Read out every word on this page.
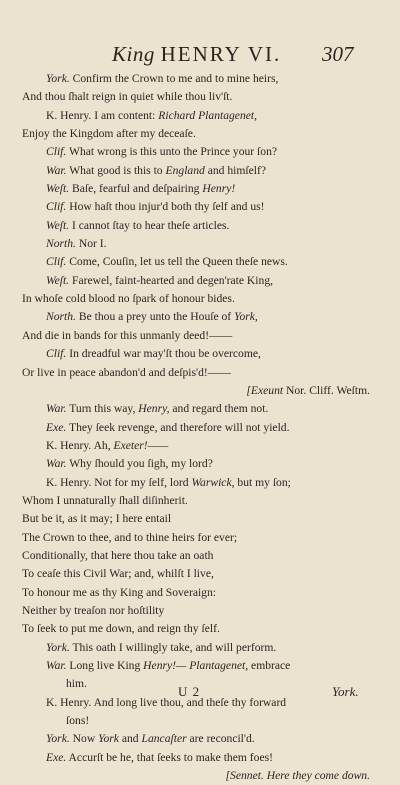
King HENRY VI. 307
York. Confirm the Crown to me and to mine heirs,
And thou ſhalt reign in quiet while thou liv'ſt.
K. Henry. I am content: Richard Plantagenet,
Enjoy the Kingdom after my deceaſe.
Clif. What wrong is this unto the Prince your ſon?
War. What good is this to England and himſelf?
Weſt. Baſe, fearful and deſpairing Henry!
Clif. How haſt thou injur'd both thy ſelf and us!
Weſt. I cannot ſtay to hear theſe articles.
North. Nor I.
Clif. Come, Couſin, let us tell the Queen theſe news.
Weſt. Farewel, faint-hearted and degen'rate King,
In whoſe cold blood no ſpark of honour bides.
North. Be thou a prey unto the Houſe of York,
And die in bands for this unmanly deed!——
Clif. In dreadful war may'ſt thou be overcome,
Or live in peace abandon'd and deſpis'd!——
[Exeunt Nor. Cliff. Weſtm.
War. Turn this way, Henry, and regard them not.
Exe. They ſeek revenge, and therefore will not yield.
K. Henry. Ah, Exeter!——
War. Why ſhould you ſigh, my lord?
K. Henry. Not for my ſelf, lord Warwick, but my ſon;
Whom I unnaturally ſhall diſinherit.
But be it, as it may; I here entail
The Crown to thee, and to thine heirs for ever;
Conditionally, that here thou take an oath
To ceaſe this Civil War; and, whilſt I live,
To honour me as thy King and Soveraign:
Neither by treaſon nor hoſtility
To ſeek to put me down, and reign thy ſelf.
York. This oath I willingly take, and will perform.
War. Long live King Henry!— Plantagenet, embrace
him.
K. Henry. And long live thou, and theſe thy forward
ſons!
York. Now York and Lancaſter are reconcil'd.
Exe. Accurſt be he, that ſeeks to make them foes!
[Sennet. Here they come down.
U 2	York.
